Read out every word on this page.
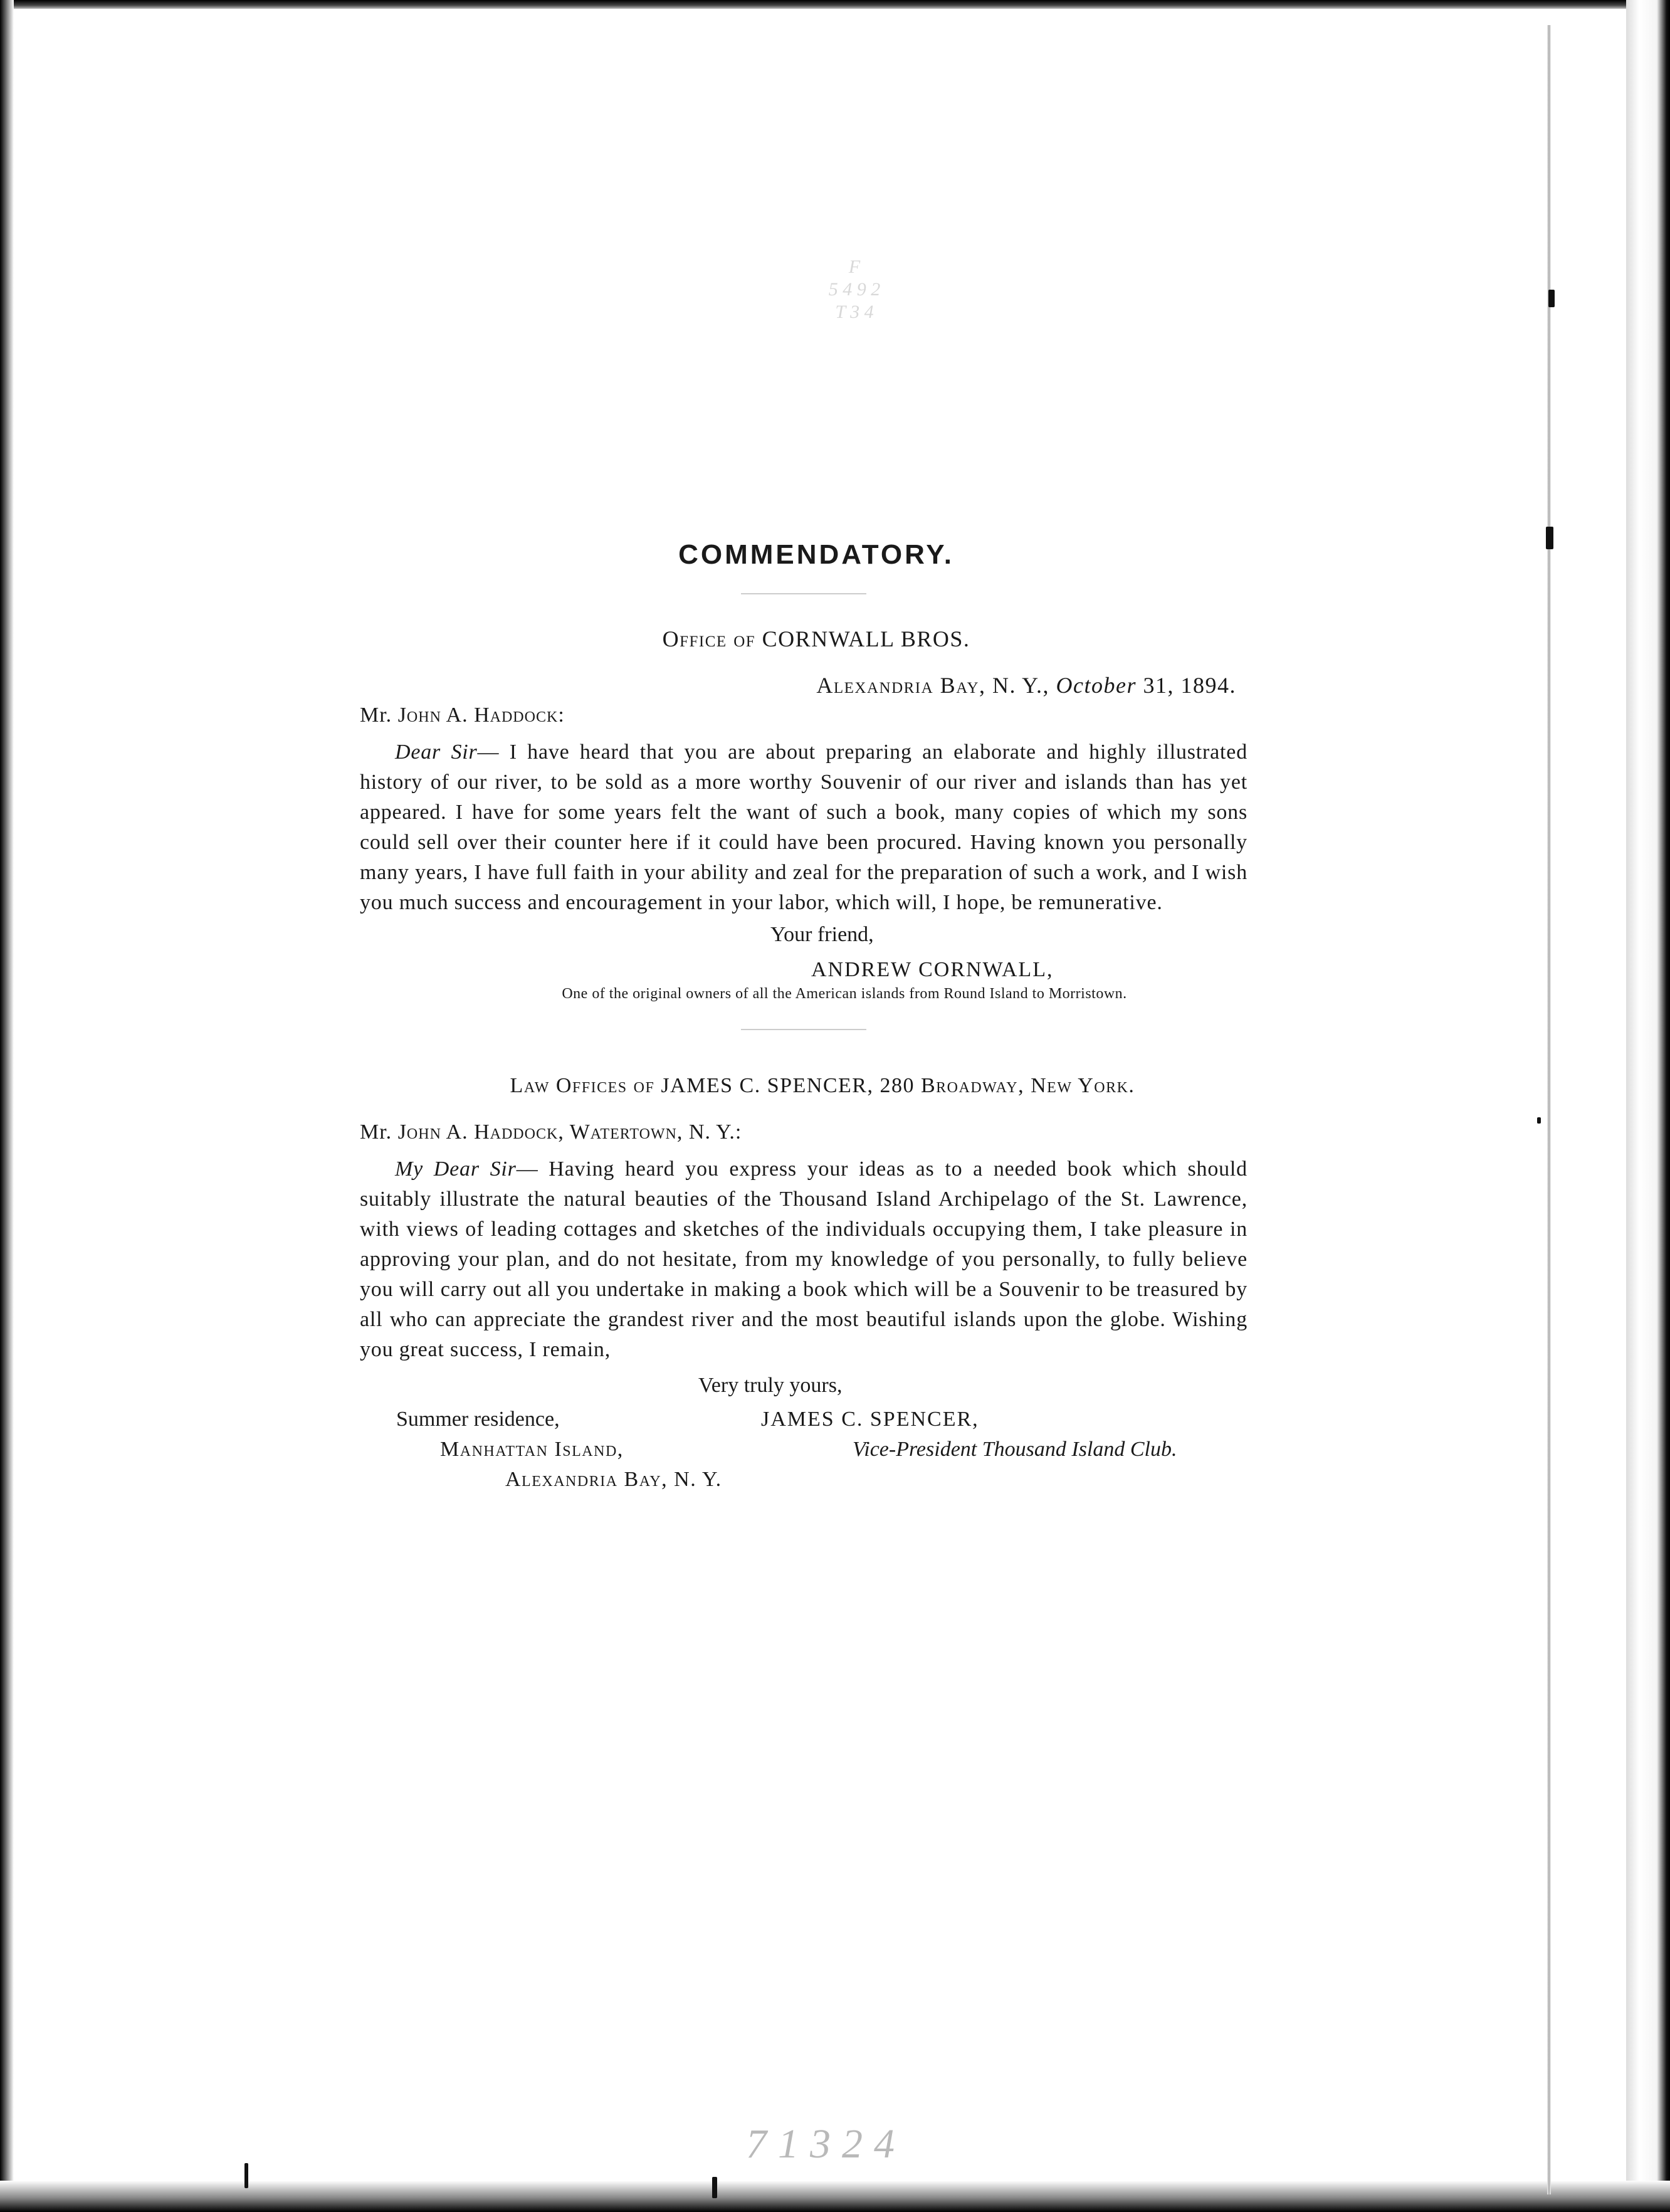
F
5 4 9 2
T 3 4
COMMENDATORY.

Office of CORNWALL BROS.

Alexandria Bay, N. Y., October 31, 1894.

Mr. John A. Haddock:

Dear Sir— I have heard that you are about preparing an elaborate and highly illustrated history of our river, to be sold as a more worthy Souvenir of our river and islands than has yet appeared. I have for some years felt the want of such a book, many copies of which my sons could sell over their counter here if it could have been procured. Having known you personally many years, I have full faith in your ability and zeal for the preparation of such a work, and I wish you much success and encouragement in your labor, which will, I hope, be remunerative.

Your friend,

ANDREW CORNWALL,

One of the original owners of all the American islands from Round Island to Morristown.

Law Offices of JAMES C. SPENCER, 280 Broadway, New York.

Mr. John A. Haddock, Watertown, N. Y.:

My Dear Sir— Having heard you express your ideas as to a needed book which should suitably illustrate the natural beauties of the Thousand Island Archipelago of the St. Lawrence, with views of leading cottages and sketches of the individuals occupying them, I take pleasure in approving your plan, and do not hesitate, from my knowledge of you personally, to fully believe you will carry out all you undertake in making a book which will be a Souvenir to be treasured by all who can appreciate the grandest river and the most beautiful islands upon the globe. Wishing you great success, I remain,

Very truly yours,

Summer residence,
Manhattan Island,
Alexandria Bay, N. Y.
JAMES C. SPENCER,
Vice-President Thousand Island Club.
71324
